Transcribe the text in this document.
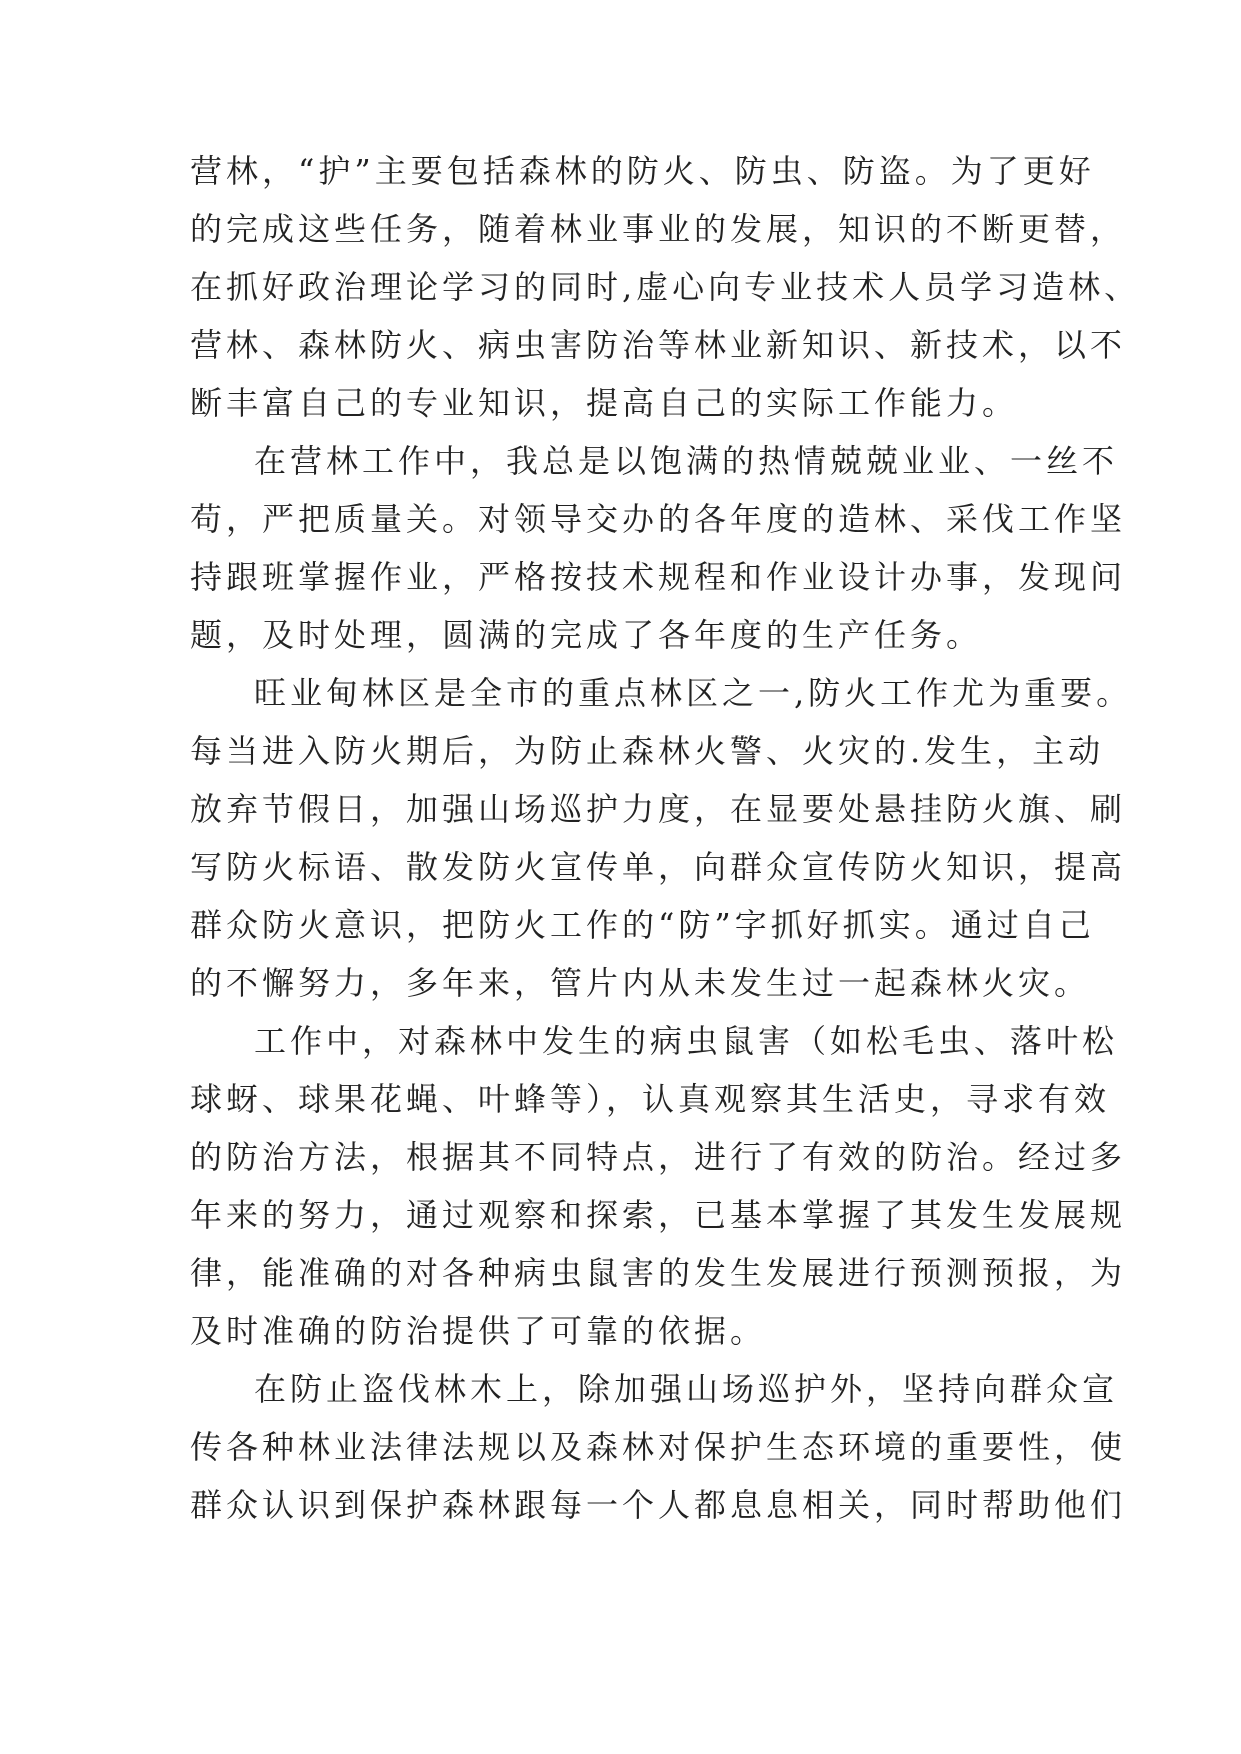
营林，“护”主要包括森林的防火、防虫、防盗。为了更好
的完成这些任务，随着林业事业的发展，知识的不断更替，
在抓好政治理论学习的同时,虚心向专业技术人员学习造林、
营林、森林防火、病虫害防治等林业新知识、新技术，以不
断丰富自己的专业知识，提高自己的实际工作能力。
在营林工作中，我总是以饱满的热情兢兢业业、一丝不
苟，严把质量关。对领导交办的各年度的造林、采伐工作坚
持跟班掌握作业，严格按技术规程和作业设计办事，发现问
题，及时处理，圆满的完成了各年度的生产任务。
旺业甸林区是全市的重点林区之一,防火工作尤为重要。
每当进入防火期后，为防止森林火警、火灾的.发生，主动
放弃节假日，加强山场巡护力度，在显要处悬挂防火旗、刷
写防火标语、散发防火宣传单，向群众宣传防火知识，提高
群众防火意识，把防火工作的“防”字抓好抓实。通过自己
的不懈努力，多年来，管片内从未发生过一起森林火灾。
工作中，对森林中发生的病虫鼠害（如松毛虫、落叶松
球蚜、球果花蝇、叶蜂等），认真观察其生活史，寻求有效
的防治方法，根据其不同特点，进行了有效的防治。经过多
年来的努力，通过观察和探索，已基本掌握了其发生发展规
律，能准确的对各种病虫鼠害的发生发展进行预测预报，为
及时准确的防治提供了可靠的依据。
在防止盗伐林木上，除加强山场巡护外，坚持向群众宣
传各种林业法律法规以及森林对保护生态环境的重要性，使
群众认识到保护森林跟每一个人都息息相关，同时帮助他们
